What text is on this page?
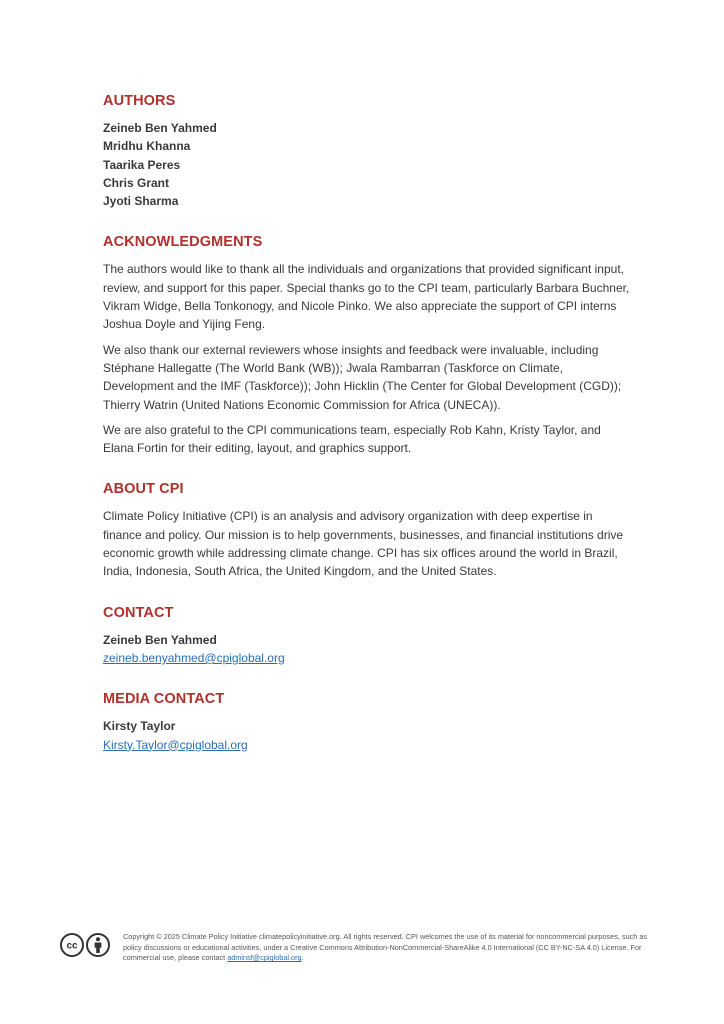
AUTHORS
Zeineb Ben Yahmed
Mridhu Khanna
Taarika Peres
Chris Grant
Jyoti Sharma
ACKNOWLEDGMENTS

The authors would like to thank all the individuals and organizations that provided significant input, review, and support for this paper. Special thanks go to the CPI team, particularly Barbara Buchner, Vikram Widge, Bella Tonkonogy, and Nicole Pinko. We also appreciate the support of CPI interns Joshua Doyle and Yijing Feng.

We also thank our external reviewers whose insights and feedback were invaluable, including Stéphane Hallegatte (The World Bank (WB)); Jwala Rambarran (Taskforce on Climate, Development and the IMF (Taskforce)); John Hicklin (The Center for Global Development (CGD)); Thierry Watrin (United Nations Economic Commission for Africa (UNECA)).

We are also grateful to the CPI communications team, especially Rob Kahn, Kristy Taylor, and Elana Fortin for their editing, layout, and graphics support.

ABOUT CPI

Climate Policy Initiative (CPI) is an analysis and advisory organization with deep expertise in finance and policy. Our mission is to help governments, businesses, and financial institutions drive economic growth while addressing climate change. CPI has six offices around the world in Brazil, India, Indonesia, South Africa, the United Kingdom, and the United States.

CONTACT
Zeineb Ben Yahmed
zeineb.benyahmed@cpiglobal.org
MEDIA CONTACT
Kirsty Taylor
Kirsty.Taylor@cpiglobal.org
cc
Copyright © 2025 Climate Policy Initiative climatepolicyinitiative.org. All rights reserved. CPI welcomes the use of its material for noncommercial purposes, such as policy discussions or educational activities, under a Creative Commons Attribution-NonCommercial-ShareAlike 4.0 International (CC BY-NC-SA 4.0) License. For commercial use, please contact adminsf@cpiglobal.org.
